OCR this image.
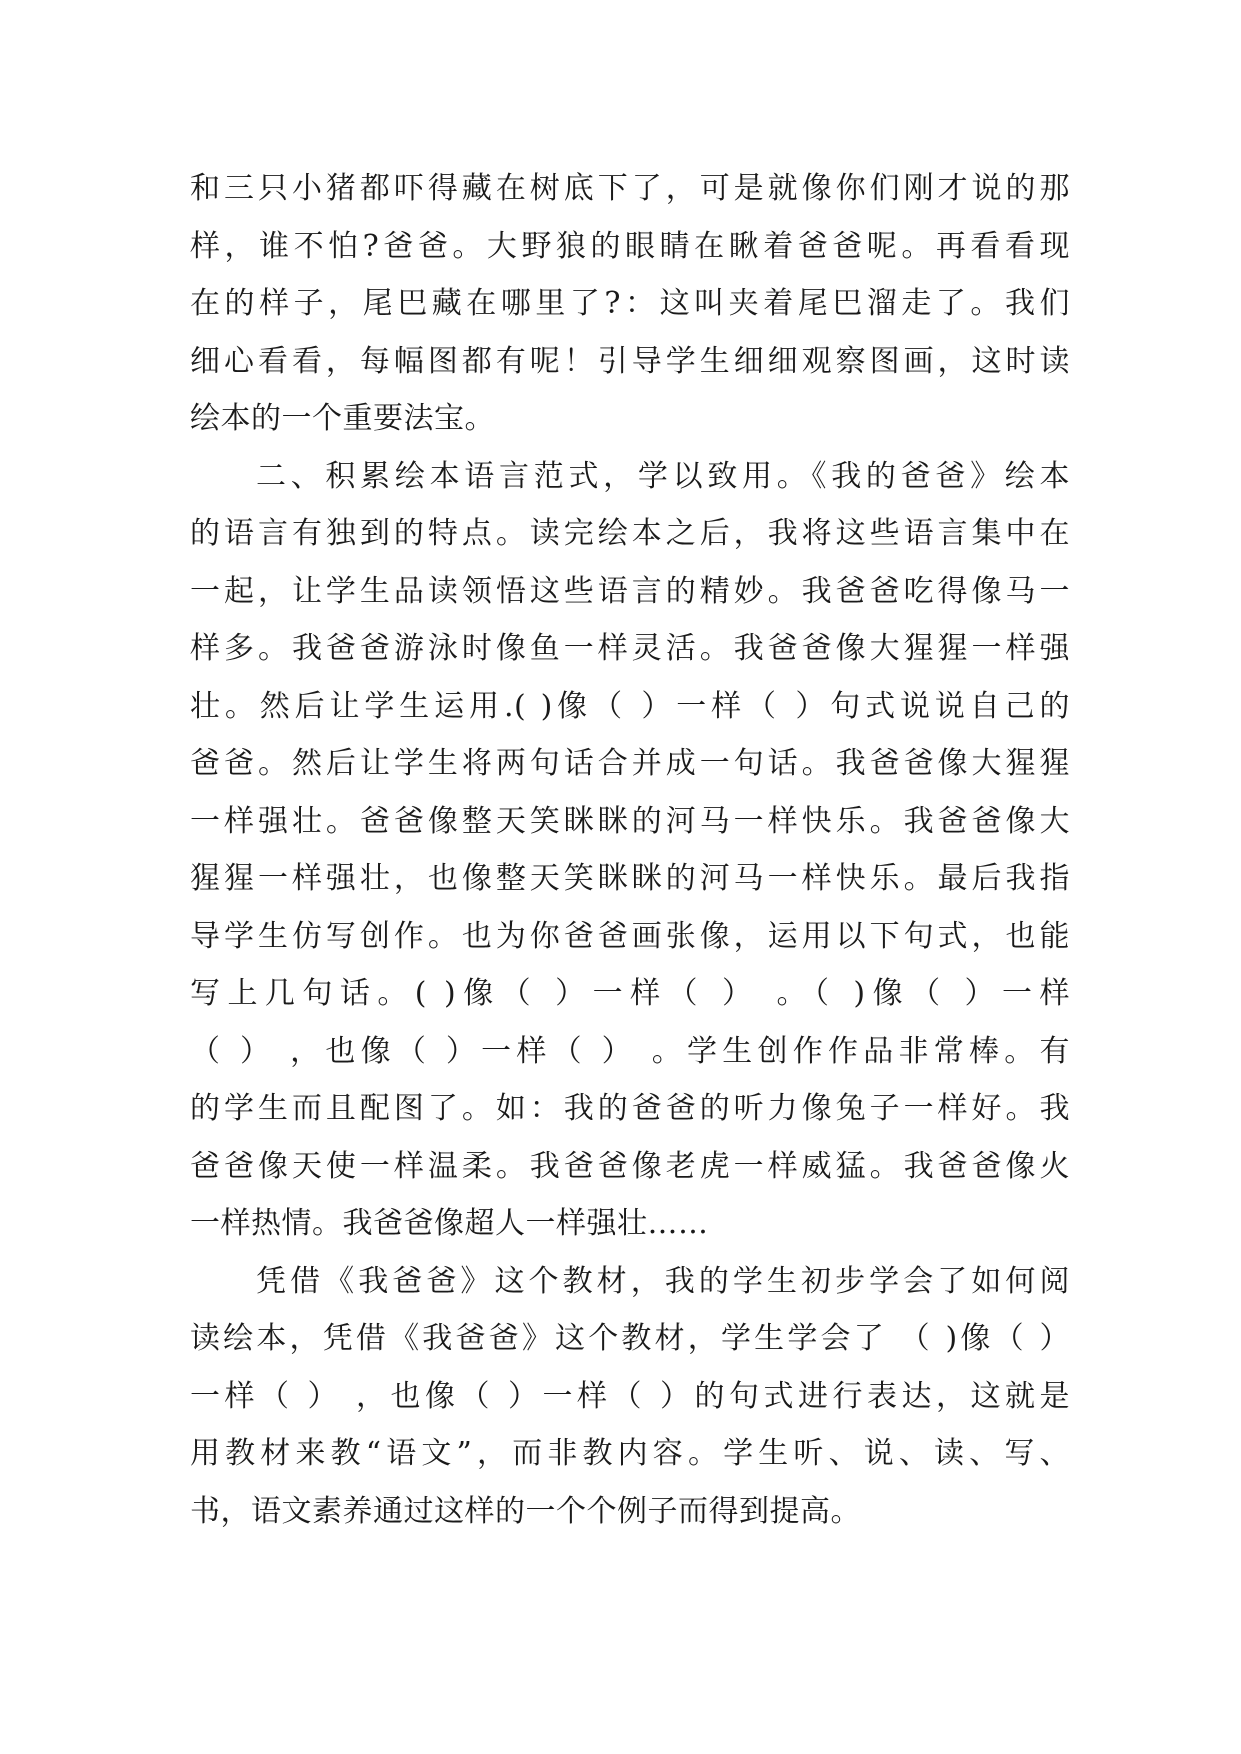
和三只小猪都吓得藏在树底下了，可是就像你们刚才说的那
样，谁不怕?爸爸。大野狼的眼睛在瞅着爸爸呢。再看看现
在的样子，尾巴藏在哪里了?：这叫夹着尾巴溜走了。我们
细心看看，每幅图都有呢！引导学生细细观察图画，这时读
绘本的一个重要法宝。
二、积累绘本语言范式，学以致用。《我的爸爸》绘本
的语言有独到的特点。读完绘本之后，我将这些语言集中在
一起，让学生品读领悟这些语言的精妙。我爸爸吃得像马一
样多。我爸爸游泳时像鱼一样灵活。我爸爸像大猩猩一样强
壮。然后让学生运用.( )像（ ）一样（ ）句式说说自己的
爸爸。然后让学生将两句话合并成一句话。我爸爸像大猩猩
一样强壮。爸爸像整天笑眯眯的河马一样快乐。我爸爸像大
猩猩一样强壮，也像整天笑眯眯的河马一样快乐。最后我指
导学生仿写创作。也为你爸爸画张像，运用以下句式，也能
写上几句话。( )像（ ）一样（ ） 。（ )像（ ）一样
（ ） ，也像（ ）一样（ ） 。学生创作作品非常棒。有
的学生而且配图了。如：我的爸爸的听力像兔子一样好。我
爸爸像天使一样温柔。我爸爸像老虎一样威猛。我爸爸像火
一样热情。我爸爸像超人一样强壮……
凭借《我爸爸》这个教材，我的学生初步学会了如何阅
读绘本，凭借《我爸爸》这个教材，学生学会了 （ )像（ ）
一样（ ） ，也像（ ）一样（ ）的句式进行表达，这就是
用教材来教“语文”，而非教内容。学生听、说、读、写、
书，语文素养通过这样的一个个例子而得到提高。
